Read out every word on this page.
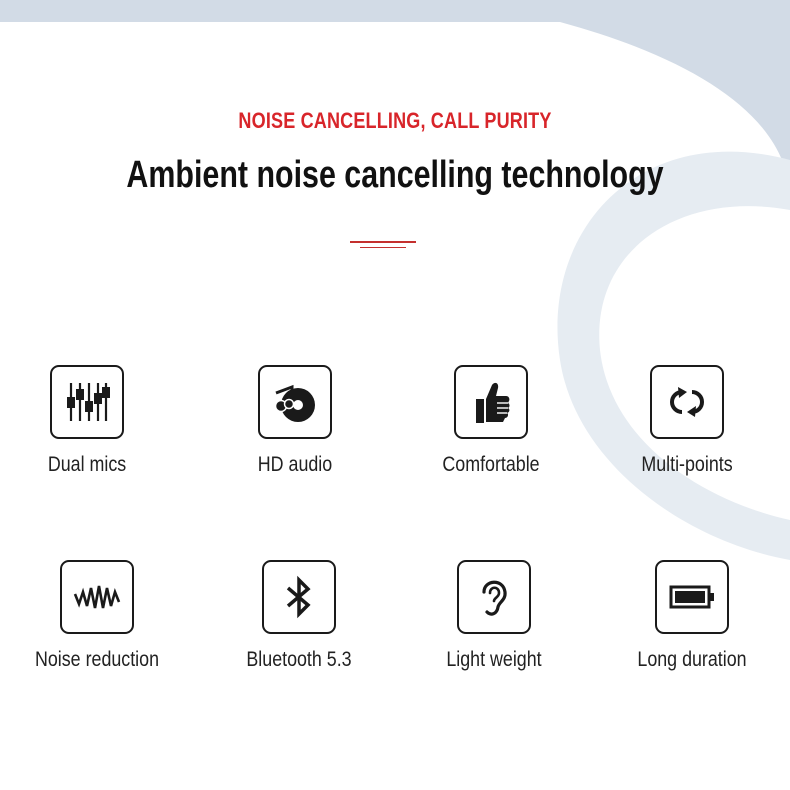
NOISE CANCELLING, CALL PURITY
Ambient noise cancelling technology
Dual mics	HD audio	Comfortable	Multi-points
Noise reduction	Bluetooth 5.3	Light weight	Long duration
